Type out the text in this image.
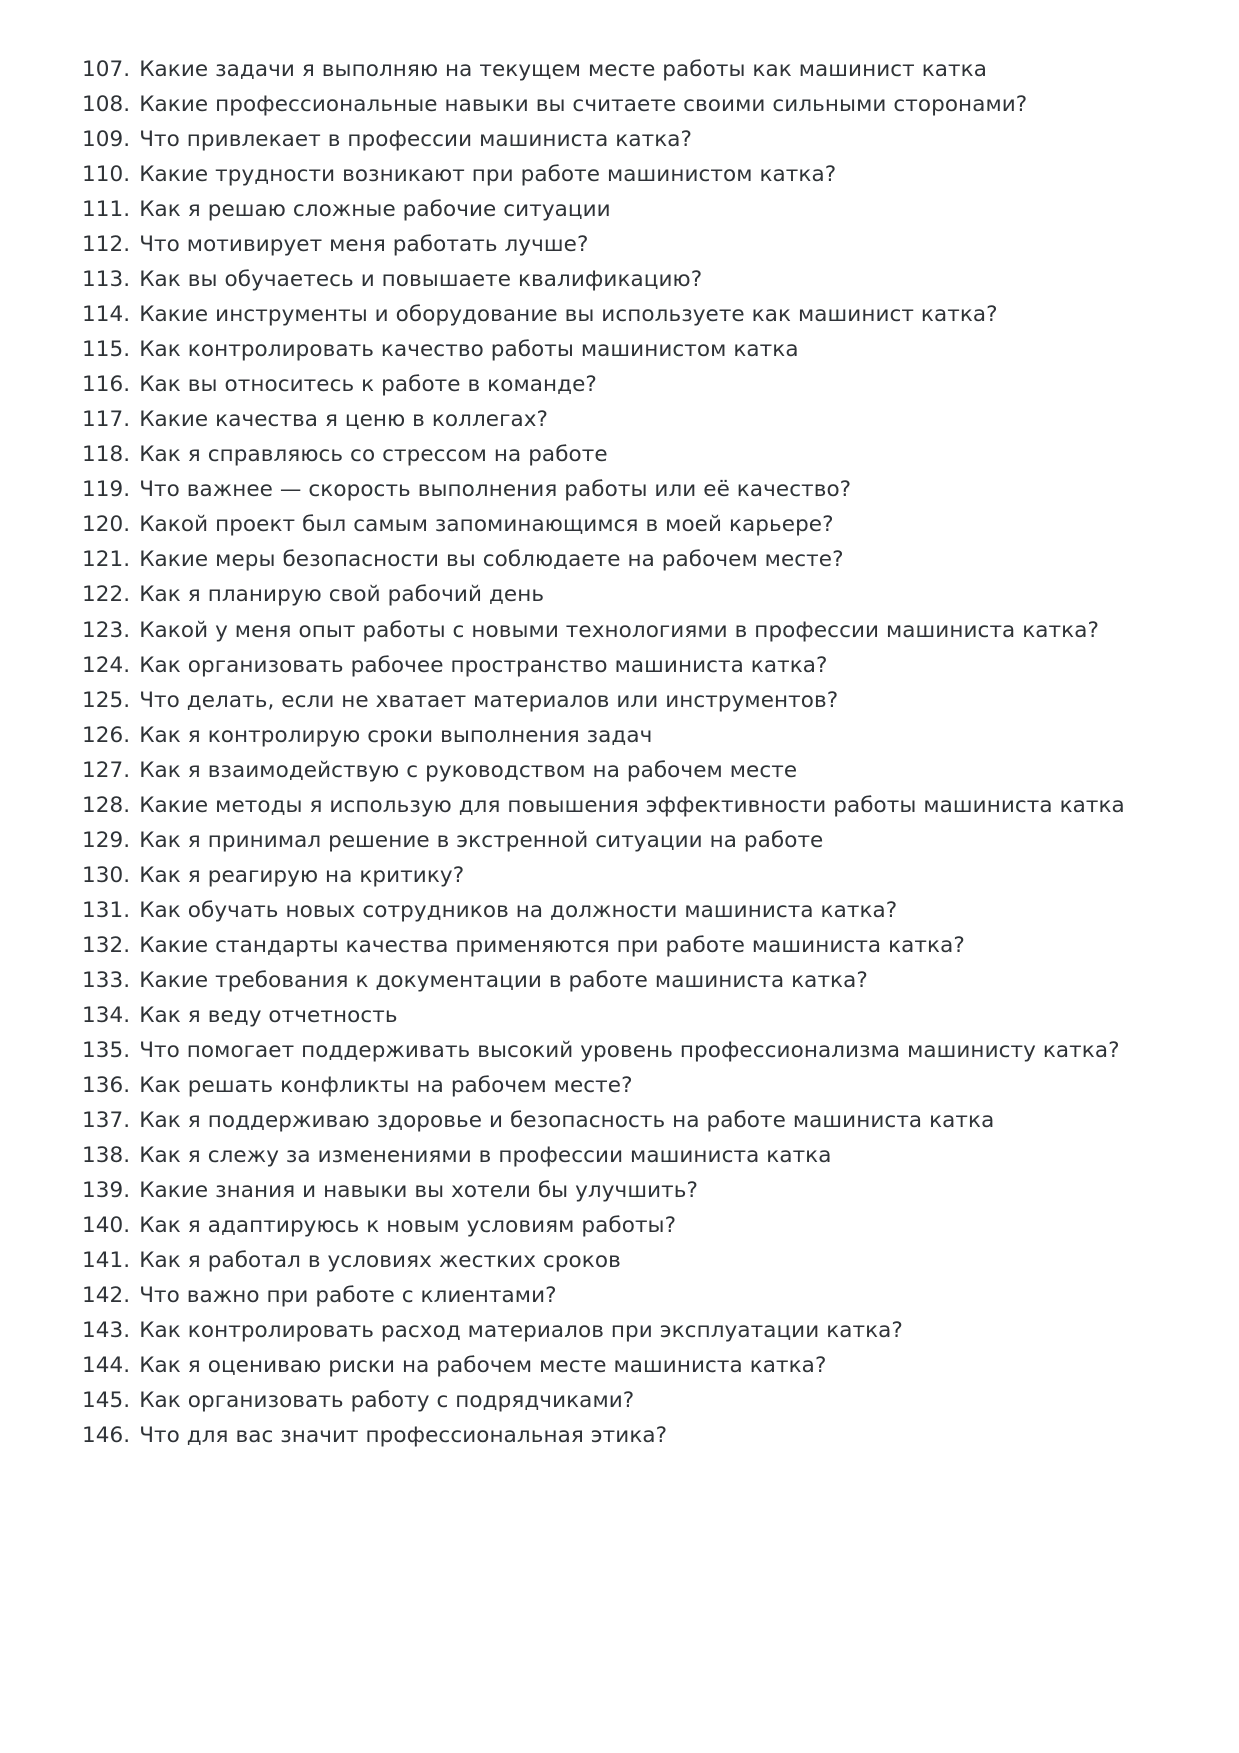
107. Какие задачи я выполняю на текущем месте работы как машинист катка
108. Какие профессиональные навыки вы считаете своими сильными сторонами?
109. Что привлекает в профессии машиниста катка?
110. Какие трудности возникают при работе машинистом катка?
111. Как я решаю сложные рабочие ситуации
112. Что мотивирует меня работать лучше?
113. Как вы обучаетесь и повышаете квалификацию?
114. Какие инструменты и оборудование вы используете как машинист катка?
115. Как контролировать качество работы машинистом катка
116. Как вы относитесь к работе в команде?
117. Какие качества я ценю в коллегах?
118. Как я справляюсь со стрессом на работе
119. Что важнее — скорость выполнения работы или её качество?
120. Какой проект был самым запоминающимся в моей карьере?
121. Какие меры безопасности вы соблюдаете на рабочем месте?
122. Как я планирую свой рабочий день
123. Какой у меня опыт работы с новыми технологиями в профессии машиниста катка?
124. Как организовать рабочее пространство машиниста катка?
125. Что делать, если не хватает материалов или инструментов?
126. Как я контролирую сроки выполнения задач
127. Как я взаимодействую с руководством на рабочем месте
128. Какие методы я использую для повышения эффективности работы машиниста катка
129. Как я принимал решение в экстренной ситуации на работе
130. Как я реагирую на критику?
131. Как обучать новых сотрудников на должности машиниста катка?
132. Какие стандарты качества применяются при работе машиниста катка?
133. Какие требования к документации в работе машиниста катка?
134. Как я веду отчетность
135. Что помогает поддерживать высокий уровень профессионализма машинисту катка?
136. Как решать конфликты на рабочем месте?
137. Как я поддерживаю здоровье и безопасность на работе машиниста катка
138. Как я слежу за изменениями в профессии машиниста катка
139. Какие знания и навыки вы хотели бы улучшить?
140. Как я адаптируюсь к новым условиям работы?
141. Как я работал в условиях жестких сроков
142. Что важно при работе с клиентами?
143. Как контролировать расход материалов при эксплуатации катка?
144. Как я оцениваю риски на рабочем месте машиниста катка?
145. Как организовать работу с подрядчиками?
146. Что для вас значит профессиональная этика?
